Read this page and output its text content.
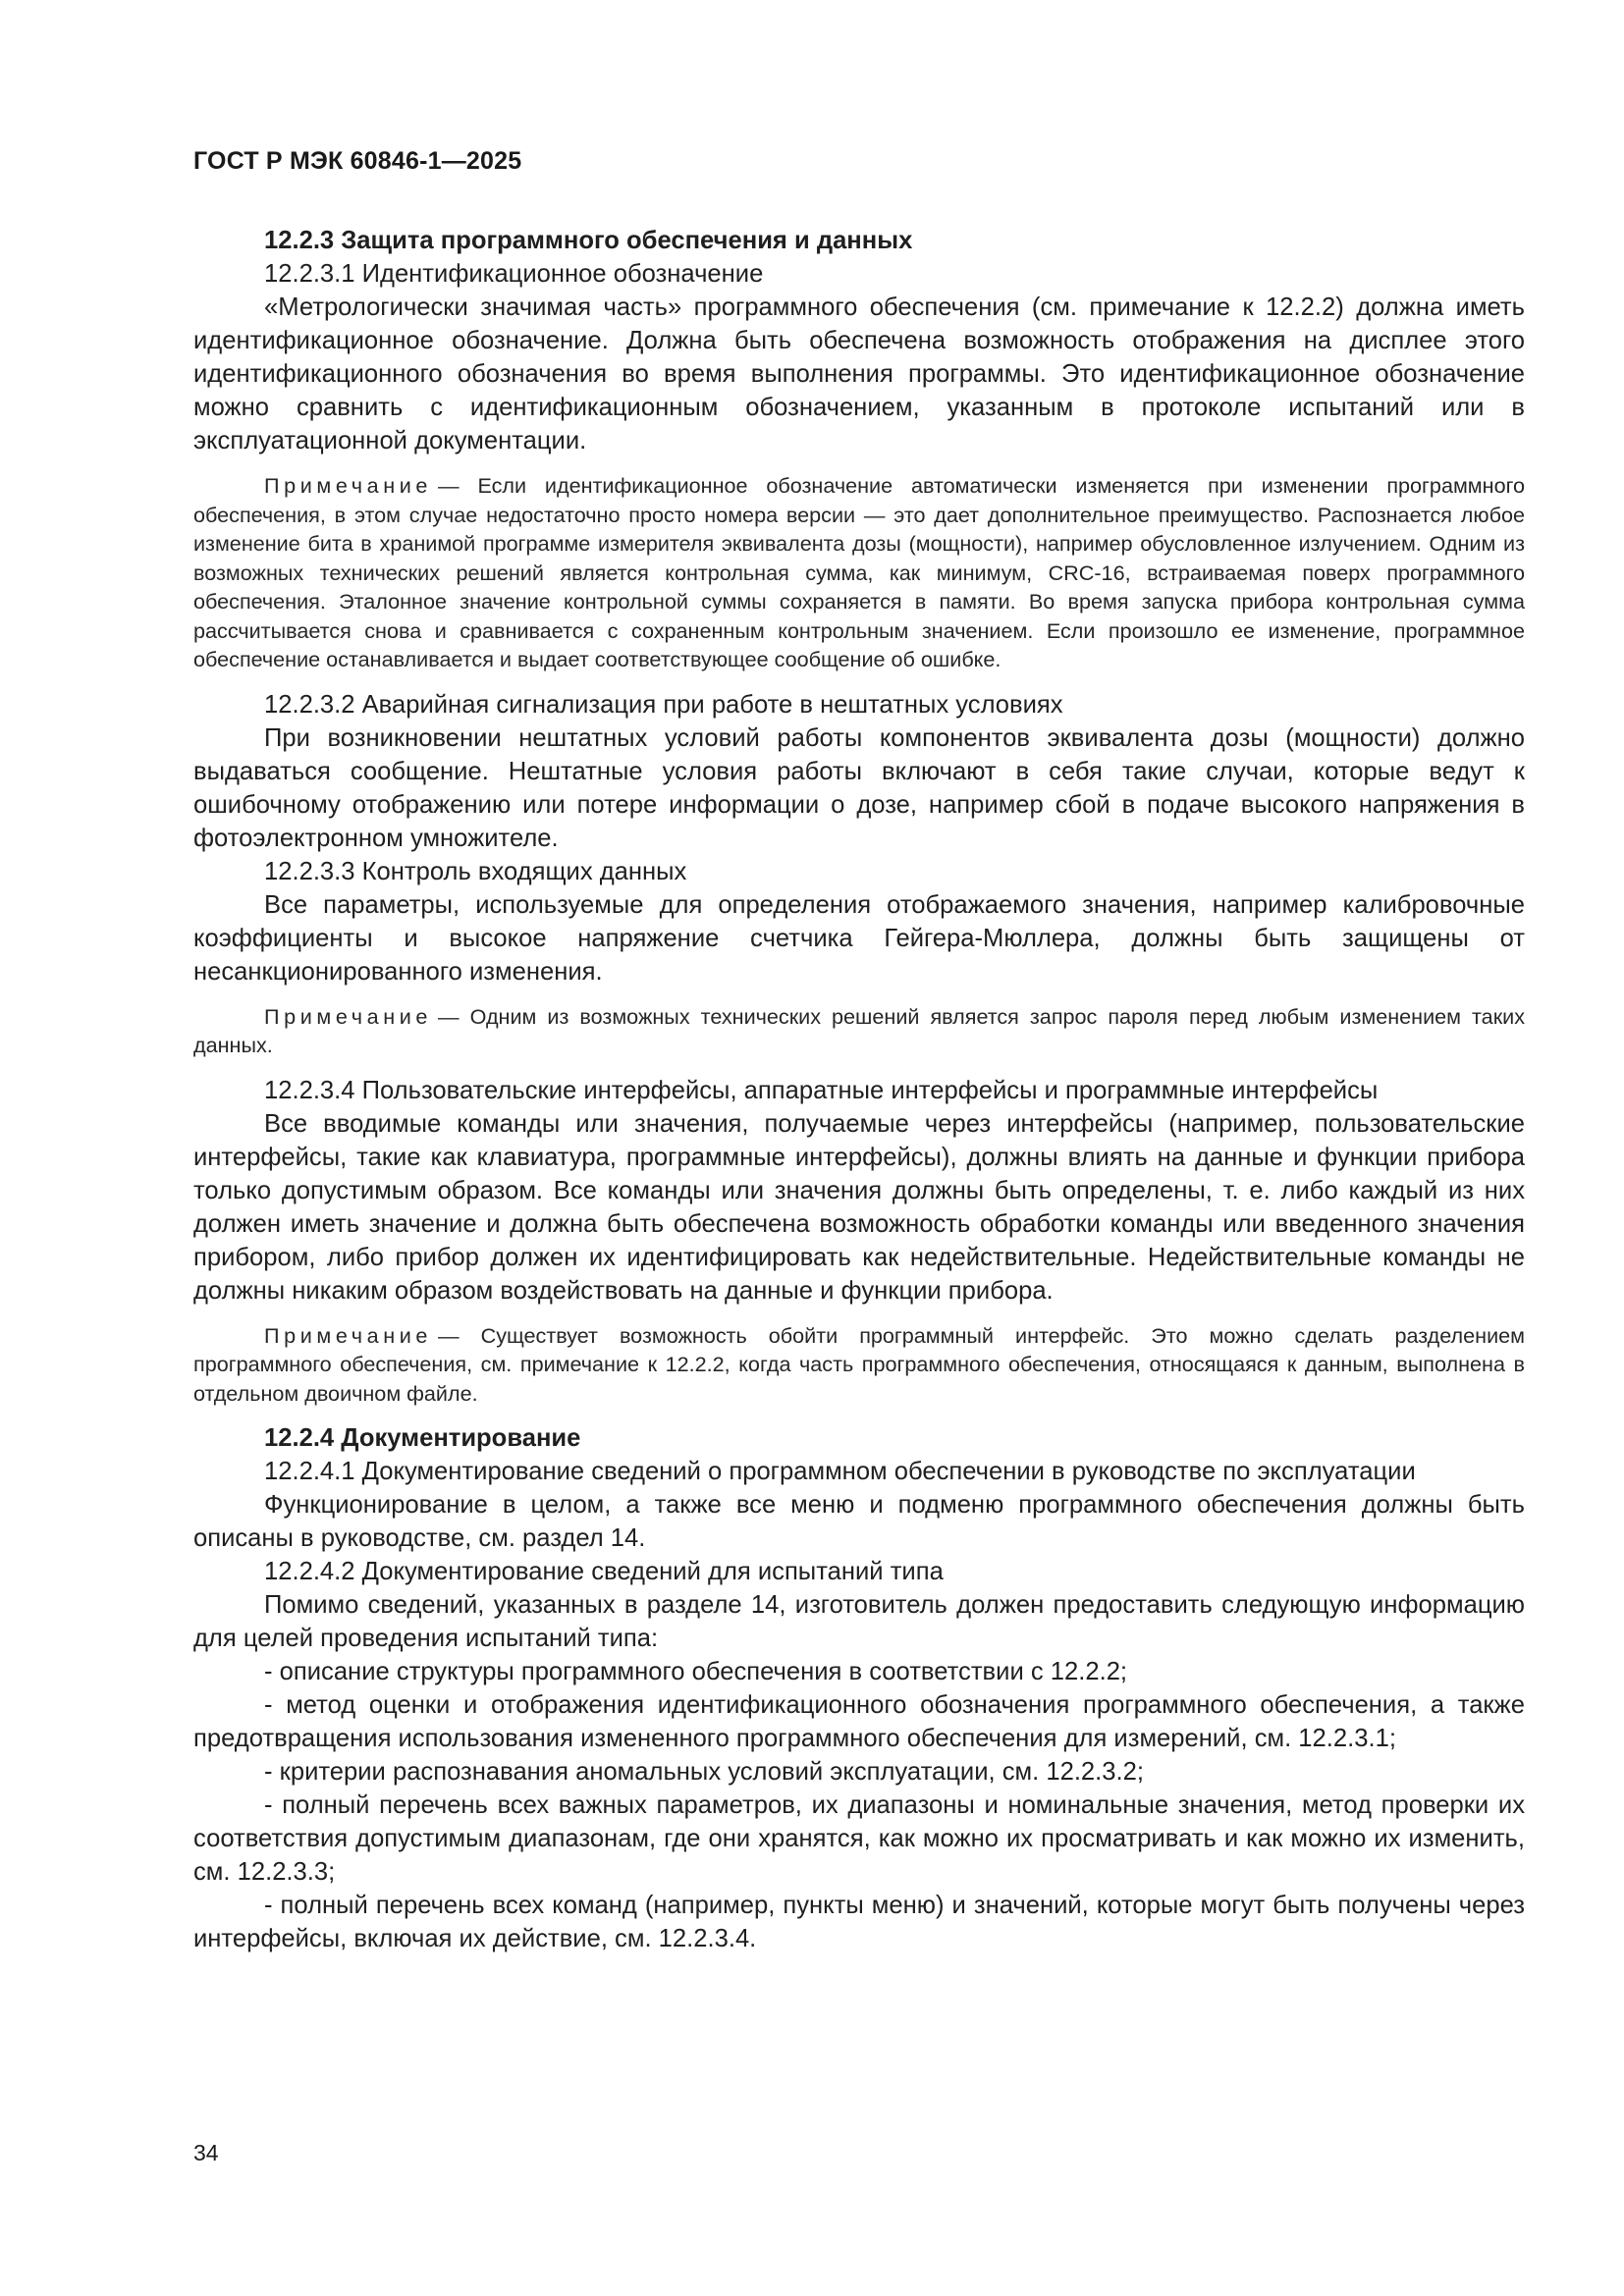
ГОСТ Р МЭК 60846-1—2025

12.2.3 Защита программного обеспечения и данных

12.2.3.1 Идентификационное обозначение

«Метрологически значимая часть» программного обеспечения (см. примечание к 12.2.2) должна иметь идентификационное обозначение. Должна быть обеспечена возможность отображения на дисплее этого идентификационного обозначения во время выполнения программы. Это идентификационное обозначение можно сравнить с идентификационным обозначением, указанным в протоколе испытаний или в эксплуатационной документации.

Примечание — Если идентификационное обозначение автоматически изменяется при изменении программного обеспечения, в этом случае недостаточно просто номера версии — это дает дополнительное преимущество. Распознается любое изменение бита в хранимой программе измерителя эквивалента дозы (мощности), например обусловленное излучением. Одним из возможных технических решений является контрольная сумма, как минимум, CRC-16, встраиваемая поверх программного обеспечения. Эталонное значение контрольной суммы сохраняется в памяти. Во время запуска прибора контрольная сумма рассчитывается снова и сравнивается с сохраненным контрольным значением. Если произошло ее изменение, программное обеспечение останавливается и выдает соответствующее сообщение об ошибке.

12.2.3.2 Аварийная сигнализация при работе в нештатных условиях

При возникновении нештатных условий работы компонентов эквивалента дозы (мощности) должно выдаваться сообщение. Нештатные условия работы включают в себя такие случаи, которые ведут к ошибочному отображению или потере информации о дозе, например сбой в подаче высокого напряжения в фотоэлектронном умножителе.

12.2.3.3 Контроль входящих данных

Все параметры, используемые для определения отображаемого значения, например калибровочные коэффициенты и высокое напряжение счетчика Гейгера-Мюллера, должны быть защищены от несанкционированного изменения.

Примечание — Одним из возможных технических решений является запрос пароля перед любым изменением таких данных.

12.2.3.4 Пользовательские интерфейсы, аппаратные интерфейсы и программные интерфейсы

Все вводимые команды или значения, получаемые через интерфейсы (например, пользовательские интерфейсы, такие как клавиатура, программные интерфейсы), должны влиять на данные и функции прибора только допустимым образом. Все команды или значения должны быть определены, т. е. либо каждый из них должен иметь значение и должна быть обеспечена возможность обработки команды или введенного значения прибором, либо прибор должен их идентифицировать как недействительные. Недействительные команды не должны никаким образом воздействовать на данные и функции прибора.

Примечание — Существует возможность обойти программный интерфейс. Это можно сделать разделением программного обеспечения, см. примечание к 12.2.2, когда часть программного обеспечения, относящаяся к данным, выполнена в отдельном двоичном файле.

12.2.4 Документирование

12.2.4.1 Документирование сведений о программном обеспечении в руководстве по эксплуатации

Функционирование в целом, а также все меню и подменю программного обеспечения должны быть описаны в руководстве, см. раздел 14.

12.2.4.2 Документирование сведений для испытаний типа

Помимо сведений, указанных в разделе 14, изготовитель должен предоставить следующую информацию для целей проведения испытаний типа:

- описание структуры программного обеспечения в соответствии с 12.2.2;

- метод оценки и отображения идентификационного обозначения программного обеспечения, а также предотвращения использования измененного программного обеспечения для измерений, см. 12.2.3.1;

- критерии распознавания аномальных условий эксплуатации, см. 12.2.3.2;

- полный перечень всех важных параметров, их диапазоны и номинальные значения, метод проверки их соответствия допустимым диапазонам, где они хранятся, как можно их просматривать и как можно их изменить, см. 12.2.3.3;

- полный перечень всех команд (например, пункты меню) и значений, которые могут быть получены через интерфейсы, включая их действие, см. 12.2.3.4.

34
